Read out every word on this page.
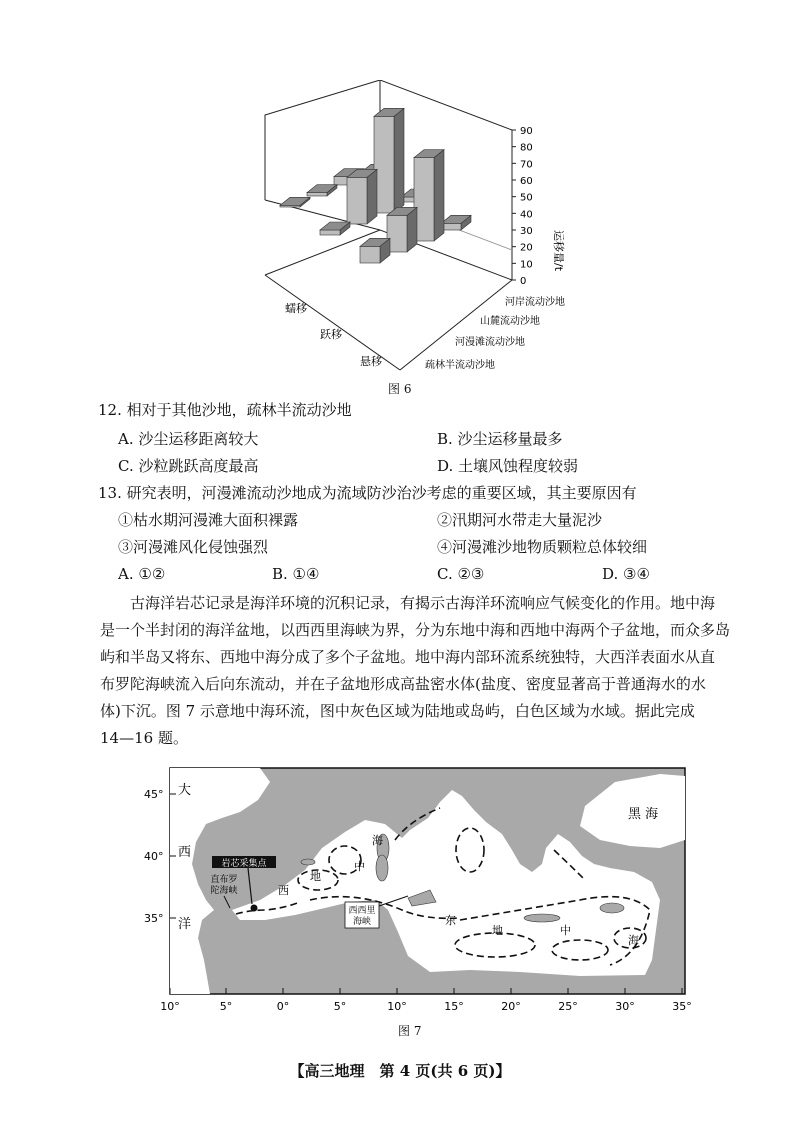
0
10
20
30
40
50
60
70
80
90
运移量/t
蠕移
跃移
悬移
河岸流动沙地
山麓流动沙地
河漫滩流动沙地
疏林半流动沙地
图 6
12. 相对于其他沙地，疏林半流动沙地
A. 沙尘运移距离较大	B. 沙尘运移量最多
C. 沙粒跳跃高度最高	D. 土壤风蚀程度较弱
13. 研究表明，河漫滩流动沙地成为流域防沙治沙考虑的重要区域，其主要原因有
①枯水期河漫滩大面积裸露	②汛期河水带走大量泥沙
③河漫滩风化侵蚀强烈	④河漫滩沙地物质颗粒总体较细
A. ①②	B. ①④	C. ②③	D. ③④

古海洋岩芯记录是海洋环境的沉积记录，有揭示古海洋环流响应气候变化的作用。地中海

是一个半封闭的海洋盆地，以西西里海峡为界，分为东地中海和西地中海两个子盆地，而众多岛

屿和半岛又将东、西地中海分成了多个子盆地。地中海内部环流系统独特，大西洋表面水从直

布罗陀海峡流入后向东流动，并在子盆地形成高盐密水体(盐度、密度显著高于普通海水的水

体)下沉。图 7 示意地中海环流，图中灰色区域为陆地或岛屿，白色区域为水域。据此完成

14—16 题。

岩芯采集点
直布罗
陀海峡
西西里
海峡
大
西
洋
黑 海
西
地
中
海
东
地	中
海
45°
40°
35°
10°	5°	0°	5°	10°	15°	20°	25°	30°	35°
图 7
【高三地理　第 4 页(共 6 页)】
